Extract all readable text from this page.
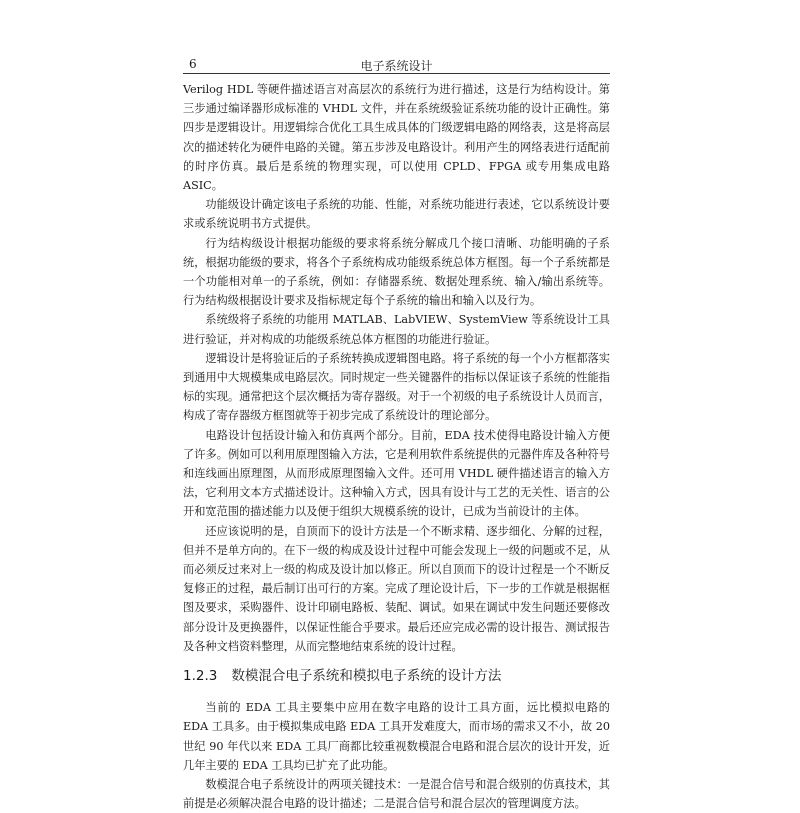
6	电子系统设计

Verilog HDL 等硬件描述语言对高层次的系统行为进行描述，这是行为结构设计。第三步通过编译器形成标准的 VHDL 文件，并在系统级验证系统功能的设计正确性。第四步是逻辑设计。用逻辑综合优化工具生成具体的门级逻辑电路的网络表，这是将高层次的描述转化为硬件电路的关键。第五步涉及电路设计。利用产生的网络表进行适配前的时序仿真。最后是系统的物理实现，可以使用 CPLD、FPGA 或专用集成电路 ASIC。

功能级设计确定该电子系统的功能、性能，对系统功能进行表述，它以系统设计要求或系统说明书方式提供。

行为结构级设计根据功能级的要求将系统分解成几个接口清晰、功能明确的子系统，根据功能级的要求，将各个子系统构成功能级系统总体方框图。每一个子系统都是一个功能相对单一的子系统，例如：存储器系统、数据处理系统、输入/输出系统等。行为结构级根据设计要求及指标规定每个子系统的输出和输入以及行为。

系统级将子系统的功能用 MATLAB、LabVIEW、SystemView 等系统设计工具进行验证，并对构成的功能级系统总体方框图的功能进行验证。

逻辑设计是将验证后的子系统转换成逻辑图电路。将子系统的每一个小方框都落实到通用中大规模集成电路层次。同时规定一些关键器件的指标以保证该子系统的性能指标的实现。通常把这个层次概括为寄存器级。对于一个初级的电子系统设计人员而言，构成了寄存器级方框图就等于初步完成了系统设计的理论部分。

电路设计包括设计输入和仿真两个部分。目前，EDA 技术使得电路设计输入方便了许多。例如可以利用原理图输入方法，它是利用软件系统提供的元器件库及各种符号和连线画出原理图，从而形成原理图输入文件。还可用 VHDL 硬件描述语言的输入方法，它利用文本方式描述设计。这种输入方式，因具有设计与工艺的无关性、语言的公开和宽范围的描述能力以及便于组织大规模系统的设计，已成为当前设计的主体。

还应该说明的是，自顶而下的设计方法是一个不断求精、逐步细化、分解的过程，但并不是单方向的。在下一级的构成及设计过程中可能会发现上一级的问题或不足，从而必须反过来对上一级的构成及设计加以修正。所以自顶而下的设计过程是一个不断反复修正的过程，最后制订出可行的方案。完成了理论设计后，下一步的工作就是根据框图及要求，采购器件、设计印刷电路板、装配、调试。如果在调试中发生问题还要修改部分设计及更换器件，以保证性能合乎要求。最后还应完成必需的设计报告、测试报告及各种文档资料整理，从而完整地结束系统的设计过程。

1.2.3 数模混合电子系统和模拟电子系统的设计方法

当前的 EDA 工具主要集中应用在数字电路的设计工具方面，远比模拟电路的 EDA 工具多。由于模拟集成电路 EDA 工具开发难度大，而市场的需求又不小，故 20 世纪 90 年代以来 EDA 工具厂商都比较重视数模混合电路和混合层次的设计开发，近几年主要的 EDA 工具均已扩充了此功能。

数模混合电子系统设计的两项关键技术：一是混合信号和混合级别的仿真技术，其前提是必须解决混合电路的设计描述；二是混合信号和混合层次的管理调度方法。
